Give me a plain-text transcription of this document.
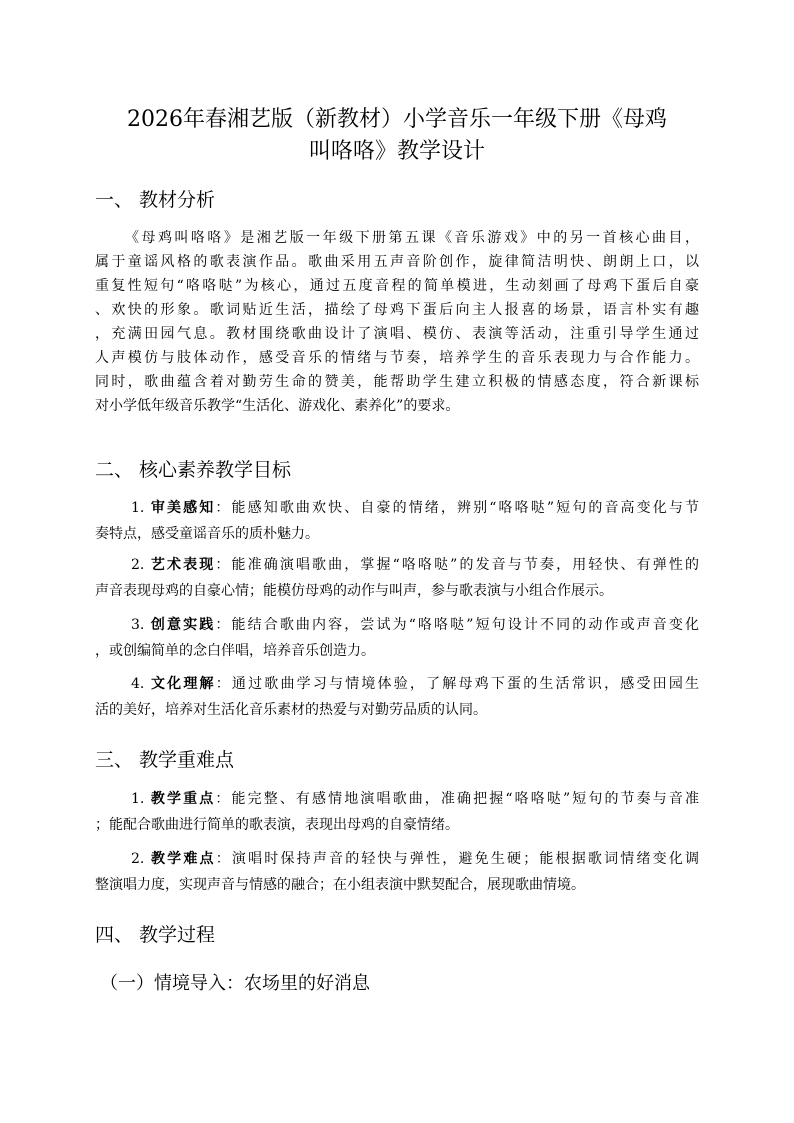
2026年春湘艺版（新教材）小学音乐一年级下册《母鸡
叫咯咯》教学设计
一、 教材分析
《母鸡叫咯咯》是湘艺版一年级下册第五课《音乐游戏》中的另一首核心曲目，
属于童谣风格的歌表演作品。歌曲采用五声音阶创作，旋律简洁明快、朗朗上口，以
重复性短句“咯咯哒”为核心，通过五度音程的简单模进，生动刻画了母鸡下蛋后自豪
、欢快的形象。歌词贴近生活，描绘了母鸡下蛋后向主人报喜的场景，语言朴实有趣
，充满田园气息。教材围绕歌曲设计了演唱、模仿、表演等活动，注重引导学生通过
人声模仿与肢体动作，感受音乐的情绪与节奏，培养学生的音乐表现力与合作能力。
同时，歌曲蕴含着对勤劳生命的赞美，能帮助学生建立积极的情感态度，符合新课标
对小学低年级音乐教学“生活化、游戏化、素养化”的要求。
二、 核心素养教学目标
1. 审美感知：能感知歌曲欢快、自豪的情绪，辨别“咯咯哒”短句的音高变化与节
奏特点，感受童谣音乐的质朴魅力。
2. 艺术表现：能准确演唱歌曲，掌握“咯咯哒”的发音与节奏，用轻快、有弹性的
声音表现母鸡的自豪心情；能模仿母鸡的动作与叫声，参与歌表演与小组合作展示。
3. 创意实践：能结合歌曲内容，尝试为“咯咯哒”短句设计不同的动作或声音变化
，或创编简单的念白伴唱，培养音乐创造力。
4. 文化理解：通过歌曲学习与情境体验，了解母鸡下蛋的生活常识，感受田园生
活的美好，培养对生活化音乐素材的热爱与对勤劳品质的认同。
三、 教学重难点
1. 教学重点：能完整、有感情地演唱歌曲，准确把握“咯咯哒”短句的节奏与音准
；能配合歌曲进行简单的歌表演，表现出母鸡的自豪情绪。
2. 教学难点：演唱时保持声音的轻快与弹性，避免生硬；能根据歌词情绪变化调
整演唱力度，实现声音与情感的融合；在小组表演中默契配合，展现歌曲情境。
四、 教学过程
（一）情境导入：农场里的好消息
